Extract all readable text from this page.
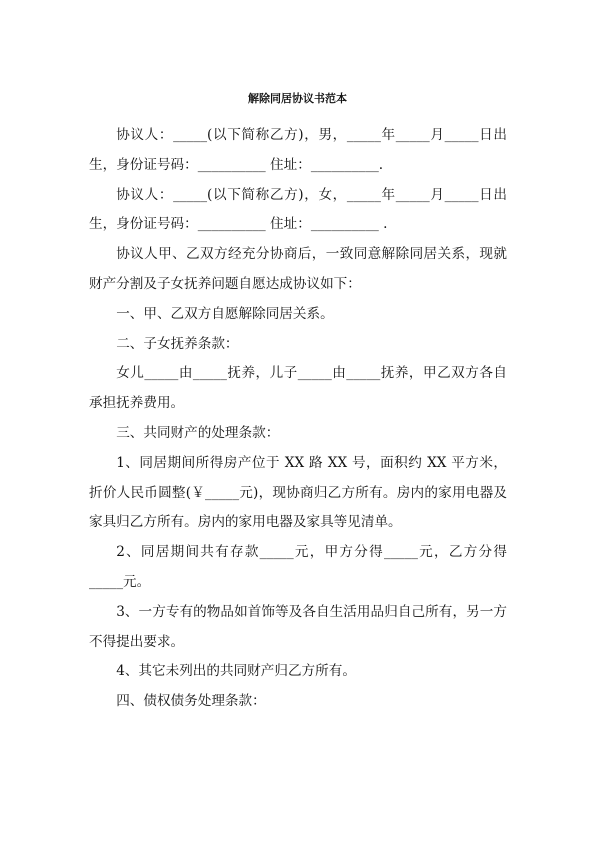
解除同居协议书范本

协议人：_____(以下简称乙方)，男，_____年_____月_____日出生，身份证号码：__________ 住址：__________.

协议人：_____(以下简称乙方)，女，_____年_____月_____日出生，身份证号码：__________ 住址：__________ .

协议人甲、乙双方经充分协商后，一致同意解除同居关系，现就财产分割及子女抚养问题自愿达成协议如下：

一、甲、乙双方自愿解除同居关系。

二、子女抚养条款：

女儿_____由_____抚养，儿子_____由_____抚养，甲乙双方各自承担抚养费用。

三、共同财产的处理条款：

1、同居期间所得房产位于 XX 路 XX 号，面积约 XX 平方米，折价人民币圆整(￥_____元)，现协商归乙方所有。房内的家用电器及家具归乙方所有。房内的家用电器及家具等见清单。

2、同居期间共有存款_____元，甲方分得_____元，乙方分得_____元。

3、一方专有的物品如首饰等及各自生活用品归自己所有，另一方不得提出要求。

4、其它未列出的共同财产归乙方所有。

四、债权债务处理条款：
